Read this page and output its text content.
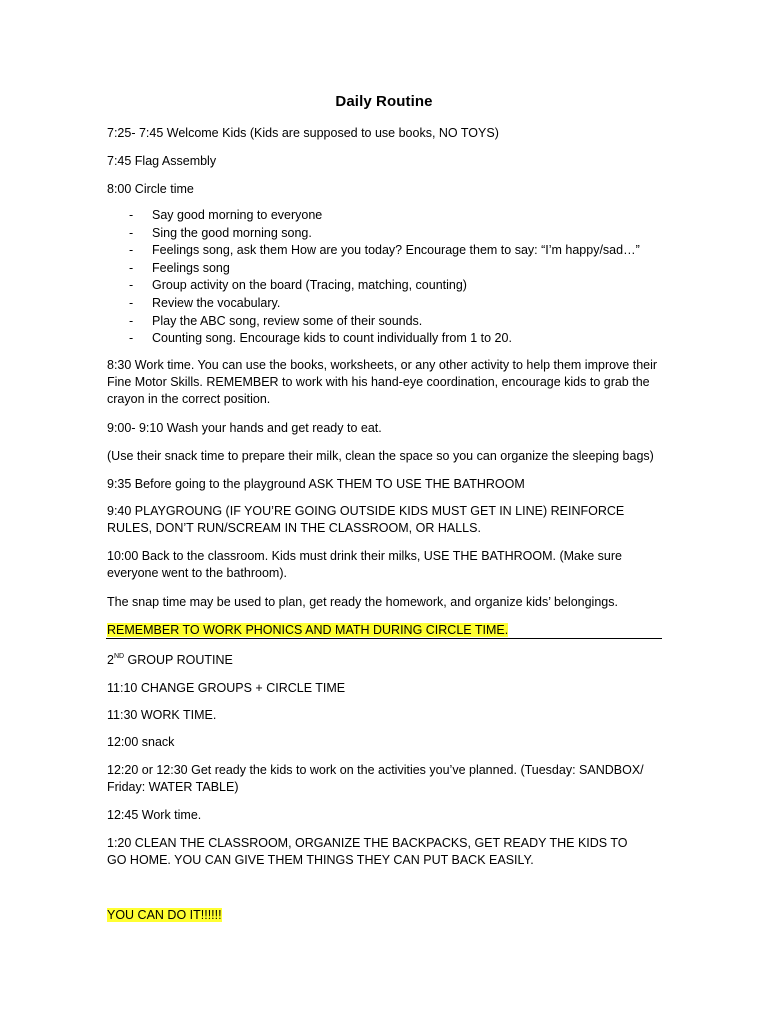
Daily Routine
7:25- 7:45 Welcome Kids (Kids are supposed to use books, NO TOYS)
7:45 Flag Assembly
8:00 Circle time
- Say good morning to everyone
- Sing the good morning song.
- Feelings song, ask them How are you today? Encourage them to say: “I’m happy/sad…”
- Feelings song
- Group activity on the board (Tracing, matching, counting)
- Review the vocabulary.
- Play the ABC song, review some of their sounds.
- Counting song. Encourage kids to count individually from 1 to 20.
8:30 Work time. You can use the books, worksheets, or any other activity to help them improve their Fine Motor Skills. REMEMBER to work with his hand-eye coordination, encourage kids to grab the crayon in the correct position.
9:00- 9:10 Wash your hands and get ready to eat.
(Use their snack time to prepare their milk, clean the space so you can organize the sleeping bags)
9:35 Before going to the playground ASK THEM TO USE THE BATHROOM
9:40 PLAYGROUNG (IF YOU’RE GOING OUTSIDE KIDS MUST GET IN LINE) REINFORCE RULES, DON’T RUN/SCREAM IN THE CLASSROOM, OR HALLS.
10:00 Back to the classroom. Kids must drink their milks, USE THE BATHROOM. (Make sure everyone went to the bathroom).
The snap time may be used to plan, get ready the homework, and organize kids’ belongings.
REMEMBER TO WORK PHONICS AND MATH DURING CIRCLE TIME.
2ND GROUP ROUTINE
11:10 CHANGE GROUPS + CIRCLE TIME
11:30 WORK TIME.
12:00 snack
12:20 or 12:30 Get ready the kids to work on the activities you’ve planned. (Tuesday: SANDBOX/ Friday: WATER TABLE)
12:45 Work time.
1:20 CLEAN THE CLASSROOM, ORGANIZE THE BACKPACKS, GET READY THE KIDS TO GO HOME. YOU CAN GIVE THEM THINGS THEY CAN PUT BACK EASILY.
YOU CAN DO IT!!!!!!
